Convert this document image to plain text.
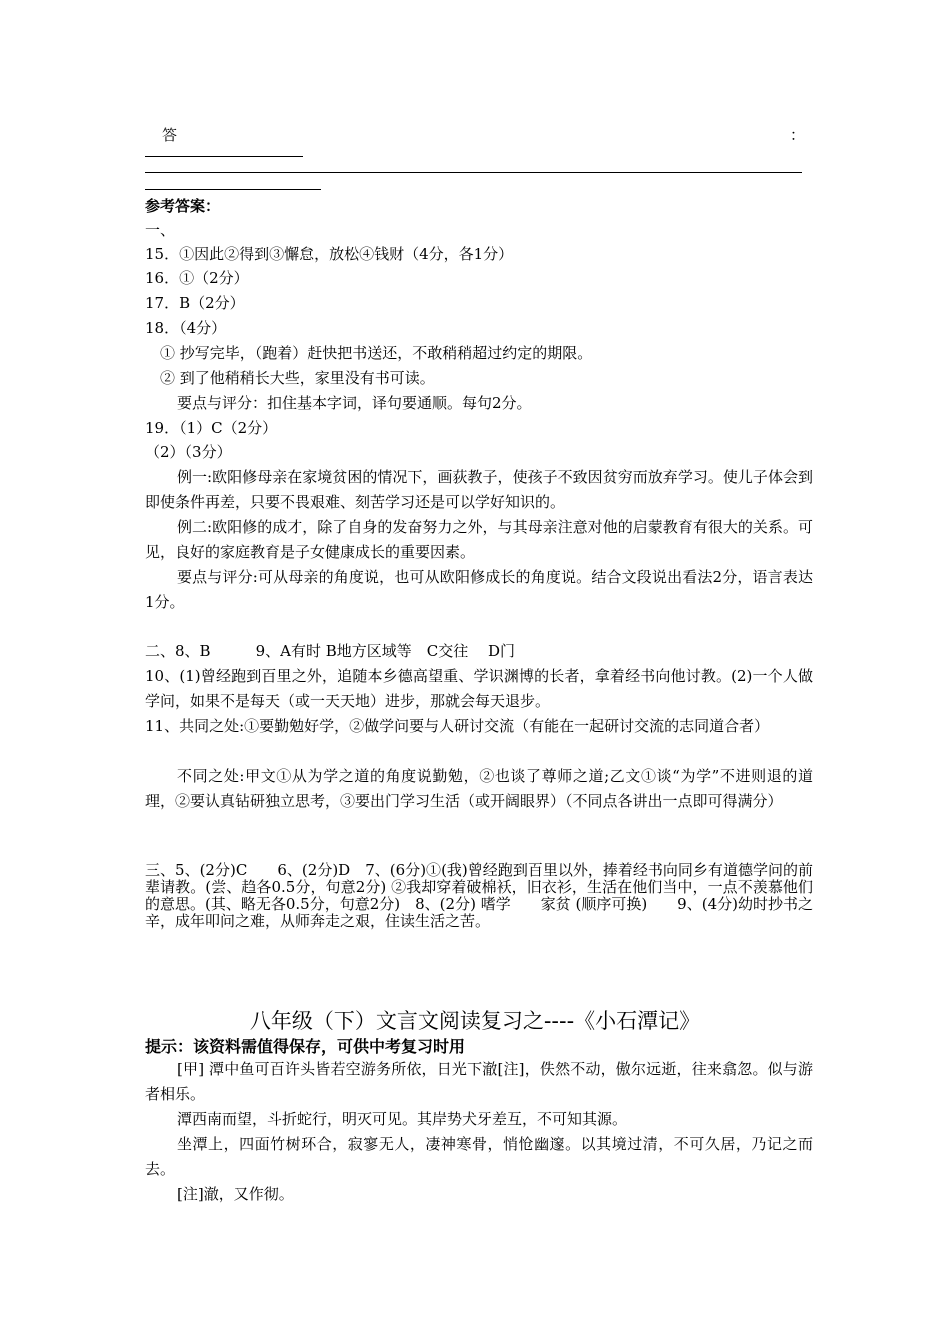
答	：
参考答案：
一、
15．①因此②得到③懈怠，放松④钱财（4分，各1分）
16．①（2分）
17．B（2分）
18．（4分）
① 抄写完毕，（跑着）赶快把书送还，不敢稍稍超过约定的期限。
② 到了他稍稍长大些，家里没有书可读。
要点与评分：扣住基本字词，译句要通顺。每句2分。
19．（1）C（2分）
（2）（3分）
例一:欧阳修母亲在家境贫困的情况下，画荻教子，使孩子不致因贫穷而放弃学习。使儿子体会到即使条件再差，只要不畏艰难、刻苦学习还是可以学好知识的。
例二:欧阳修的成才，除了自身的发奋努力之外，与其母亲注意对他的启蒙教育有很大的关系。可见，良好的家庭教育是子女健康成长的重要因素。
要点与评分:可从母亲的角度说，也可从欧阳修成长的角度说。结合文段说出看法2分，语言表达1分。
二、8、B　　　9、A有时 B地方区域等　C交往　 D门
10、(1)曾经跑到百里之外，追随本乡德高望重、学识渊博的长者，拿着经书向他讨教。(2)一个人做学问，如果不是每天（或一天天地）进步，那就会每天退步。
11、共同之处:①要勤勉好学，②做学问要与人研讨交流（有能在一起研讨交流的志同道合者）
不同之处:甲文①从为学之道的角度说勤勉，②也谈了尊师之道;乙文①谈“为学”不进则退的道理，②要认真钻研独立思考，③要出门学习生活（或开阔眼界）（不同点各讲出一点即可得满分）
三、5、(2分)C　　6、(2分)D　7、(6分)①(我)曾经跑到百里以外，捧着经书向同乡有道德学问的前辈请教。(尝、趋各0.5分，句意2分) ②我却穿着破棉袄，旧衣衫，生活在他们当中，一点不羡慕他们的意思。(其、略无各0.5分，句意2分)　8、(2分) 嗜学　　家贫 (顺序可换)　　9、(4分)幼时抄书之辛，成年叩问之难，从师奔走之艰，住读生活之苦。
八年级（下）文言文阅读复习之----《小石潭记》
提示：该资料需值得保存，可供中考复习时用
[甲] 潭中鱼可百许头皆若空游务所依，日光下澈[注]，佚然不动，傲尔远逝，往来翕忽。似与游者相乐。
潭西南而望，斗折蛇行，明灭可见。其岸势犬牙差互，不可知其源。
坐潭上，四面竹树环合，寂寥无人，凄神寒骨，悄怆幽邃。以其境过清，不可久居，乃记之而去。
[注]澈，又作彻。
